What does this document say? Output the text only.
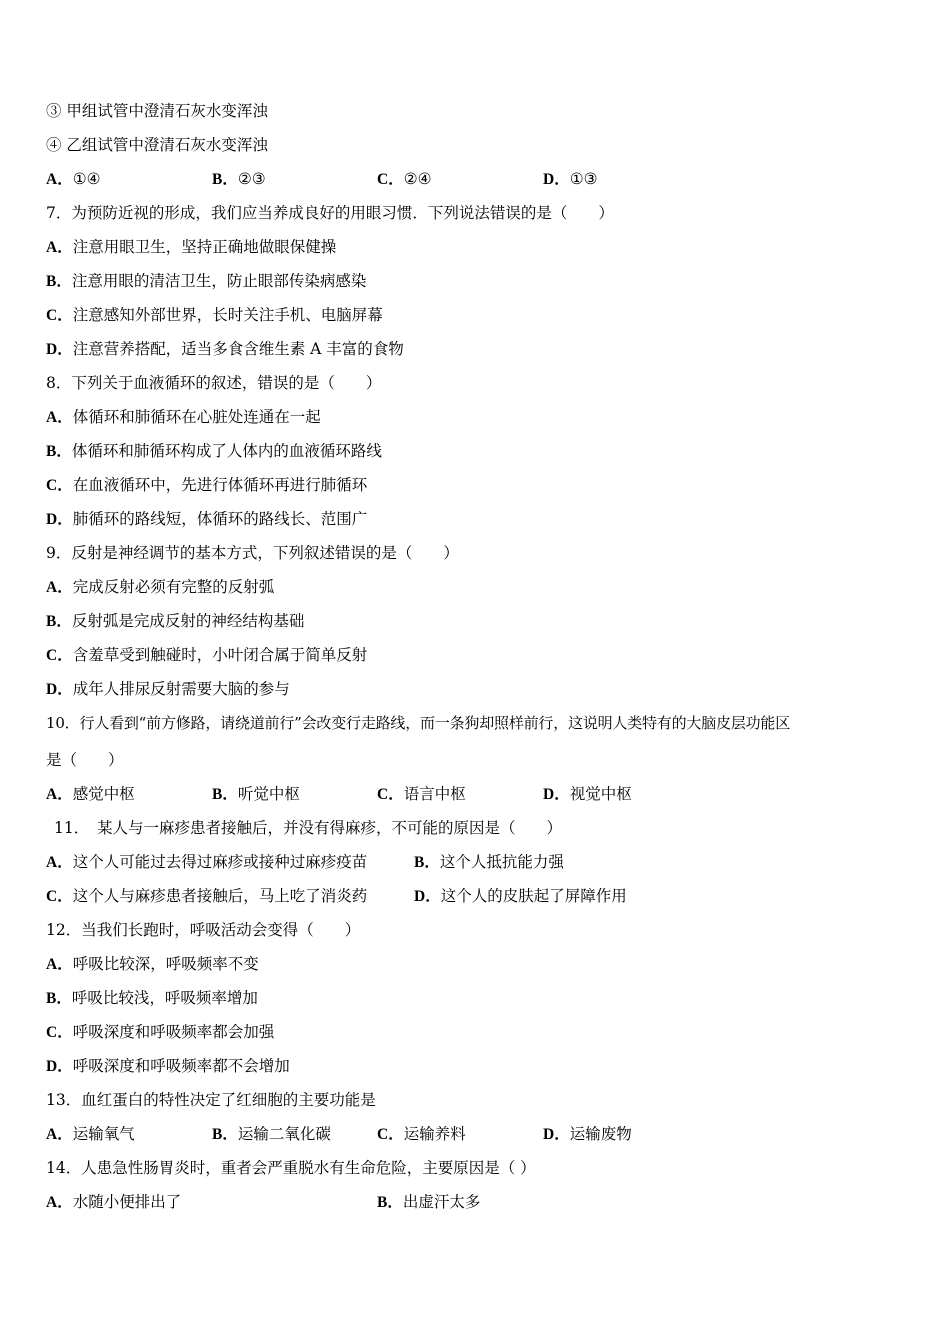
③ 甲组试管中澄清石灰水变浑浊
④ 乙组试管中澄清石灰水变浑浊
A．①④	B．②③	C．②④	D．①③
7．为预防近视的形成，我们应当养成良好的用眼习惯．下列说法错误的是（　　）
A．注意用眼卫生，坚持正确地做眼保健操
B．注意用眼的清洁卫生，防止眼部传染病感染
C．注意感知外部世界，长时关注手机、电脑屏幕
D．注意营养搭配，适当多食含维生素 A 丰富的食物
8．下列关于血液循环的叙述，错误的是（　　）
A．体循环和肺循环在心脏处连通在一起
B．体循环和肺循环构成了人体内的血液循环路线
C．在血液循环中，先进行体循环再进行肺循环
D．肺循环的路线短，体循环的路线长、范围广
9．反射是神经调节的基本方式，下列叙述错误的是（　　）
A．完成反射必须有完整的反射弧
B．反射弧是完成反射的神经结构基础
C．含羞草受到触碰时，小叶闭合属于简单反射
D．成年人排尿反射需要大脑的参与
10．行人看到“前方修路，请绕道前行”会改变行走路线，而一条狗却照样前行，这说明人类特有的大脑皮层功能区
是（　　）
A．感觉中枢	B．听觉中枢	C．语言中枢	D．视觉中枢
11．　某人与一麻疹患者接触后，并没有得麻疹，不可能的原因是（　　）
A．这个人可能过去得过麻疹或接种过麻疹疫苗	B．这个人抵抗能力强
C．这个人与麻疹患者接触后，马上吃了消炎药	D．这个人的皮肤起了屏障作用
12．当我们长跑时，呼吸活动会变得（　　）
A．呼吸比较深，呼吸频率不变
B．呼吸比较浅，呼吸频率增加
C．呼吸深度和呼吸频率都会加强
D．呼吸深度和呼吸频率都不会增加
13．血红蛋白的特性决定了红细胞的主要功能是
A．运输氧气	B．运输二氧化碳	C．运输养料	D．运输废物
14．人患急性肠胃炎时，重者会严重脱水有生命危险，主要原因是（ ）
A．水随小便排出了	B．出虚汗太多
